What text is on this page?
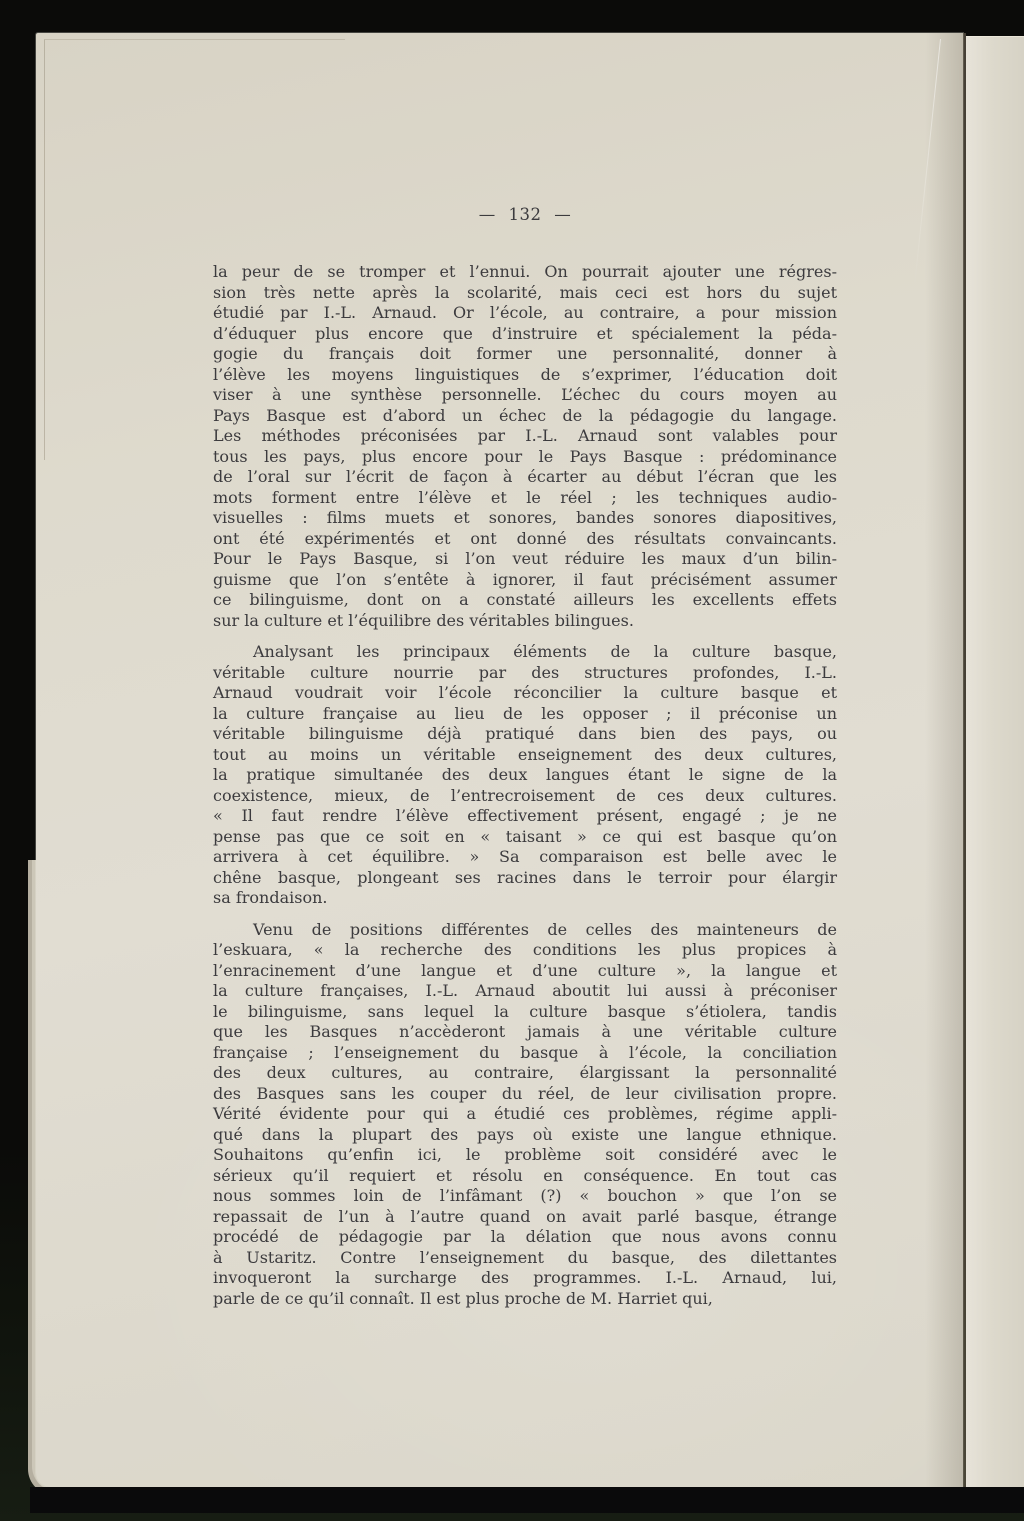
— 132 —
la peur de se tromper et l’ennui. On pourrait ajouter une régres-
sion très nette après la scolarité, mais ceci est hors du sujet
étudié par I.-L. Arnaud. Or l’école, au contraire, a pour mission
d’éduquer plus encore que d’instruire et spécialement la péda-
gogie du français doit former une personnalité, donner à
l’élève les moyens linguistiques de s’exprimer, l’éducation doit
viser à une synthèse personnelle. L’échec du cours moyen au
Pays Basque est d’abord un échec de la pédagogie du langage.
Les méthodes préconisées par I.-L. Arnaud sont valables pour
tous les pays, plus encore pour le Pays Basque : prédominance
de l’oral sur l’écrit de façon à écarter au début l’écran que les
mots forment entre l’élève et le réel ; les techniques audio-
visuelles : films muets et sonores, bandes sonores diapositives,
ont été expérimentés et ont donné des résultats convaincants.
Pour le Pays Basque, si l’on veut réduire les maux d’un bilin-
guisme que l’on s’entête à ignorer, il faut précisément assumer
ce bilinguisme, dont on a constaté ailleurs les excellents effets
sur la culture et l’équilibre des véritables bilingues.
Analysant les principaux éléments de la culture basque,
véritable culture nourrie par des structures profondes, I.-L.
Arnaud voudrait voir l’école réconcilier la culture basque et
la culture française au lieu de les opposer ; il préconise un
véritable bilinguisme déjà pratiqué dans bien des pays, ou
tout au moins un véritable enseignement des deux cultures,
la pratique simultanée des deux langues étant le signe de la
coexistence, mieux, de l’entrecroisement de ces deux cultures.
« Il faut rendre l’élève effectivement présent, engagé ; je ne
pense pas que ce soit en « taisant » ce qui est basque qu’on
arrivera à cet équilibre. » Sa comparaison est belle avec le
chêne basque, plongeant ses racines dans le terroir pour élargir
sa frondaison.
Venu de positions différentes de celles des mainteneurs de
l’eskuara, « la recherche des conditions les plus propices à
l’enracinement d’une langue et d’une culture », la langue et
la culture françaises, I.-L. Arnaud aboutit lui aussi à préconiser
le bilinguisme, sans lequel la culture basque s’étiolera, tandis
que les Basques n’accèderont jamais à une véritable culture
française ; l’enseignement du basque à l’école, la conciliation
des deux cultures, au contraire, élargissant la personnalité
des Basques sans les couper du réel, de leur civilisation propre.
Vérité évidente pour qui a étudié ces problèmes, régime appli-
qué dans la plupart des pays où existe une langue ethnique.
Souhaitons qu’enfin ici, le problème soit considéré avec le
sérieux qu’il requiert et résolu en conséquence. En tout cas
nous sommes loin de l’infâmant (?) « bouchon » que l’on se
repassait de l’un à l’autre quand on avait parlé basque, étrange
procédé de pédagogie par la délation que nous avons connu
à Ustaritz. Contre l’enseignement du basque, des dilettantes
invoqueront la surcharge des programmes. I.-L. Arnaud, lui,
parle de ce qu’il connaît. Il est plus proche de M. Harriet qui,
